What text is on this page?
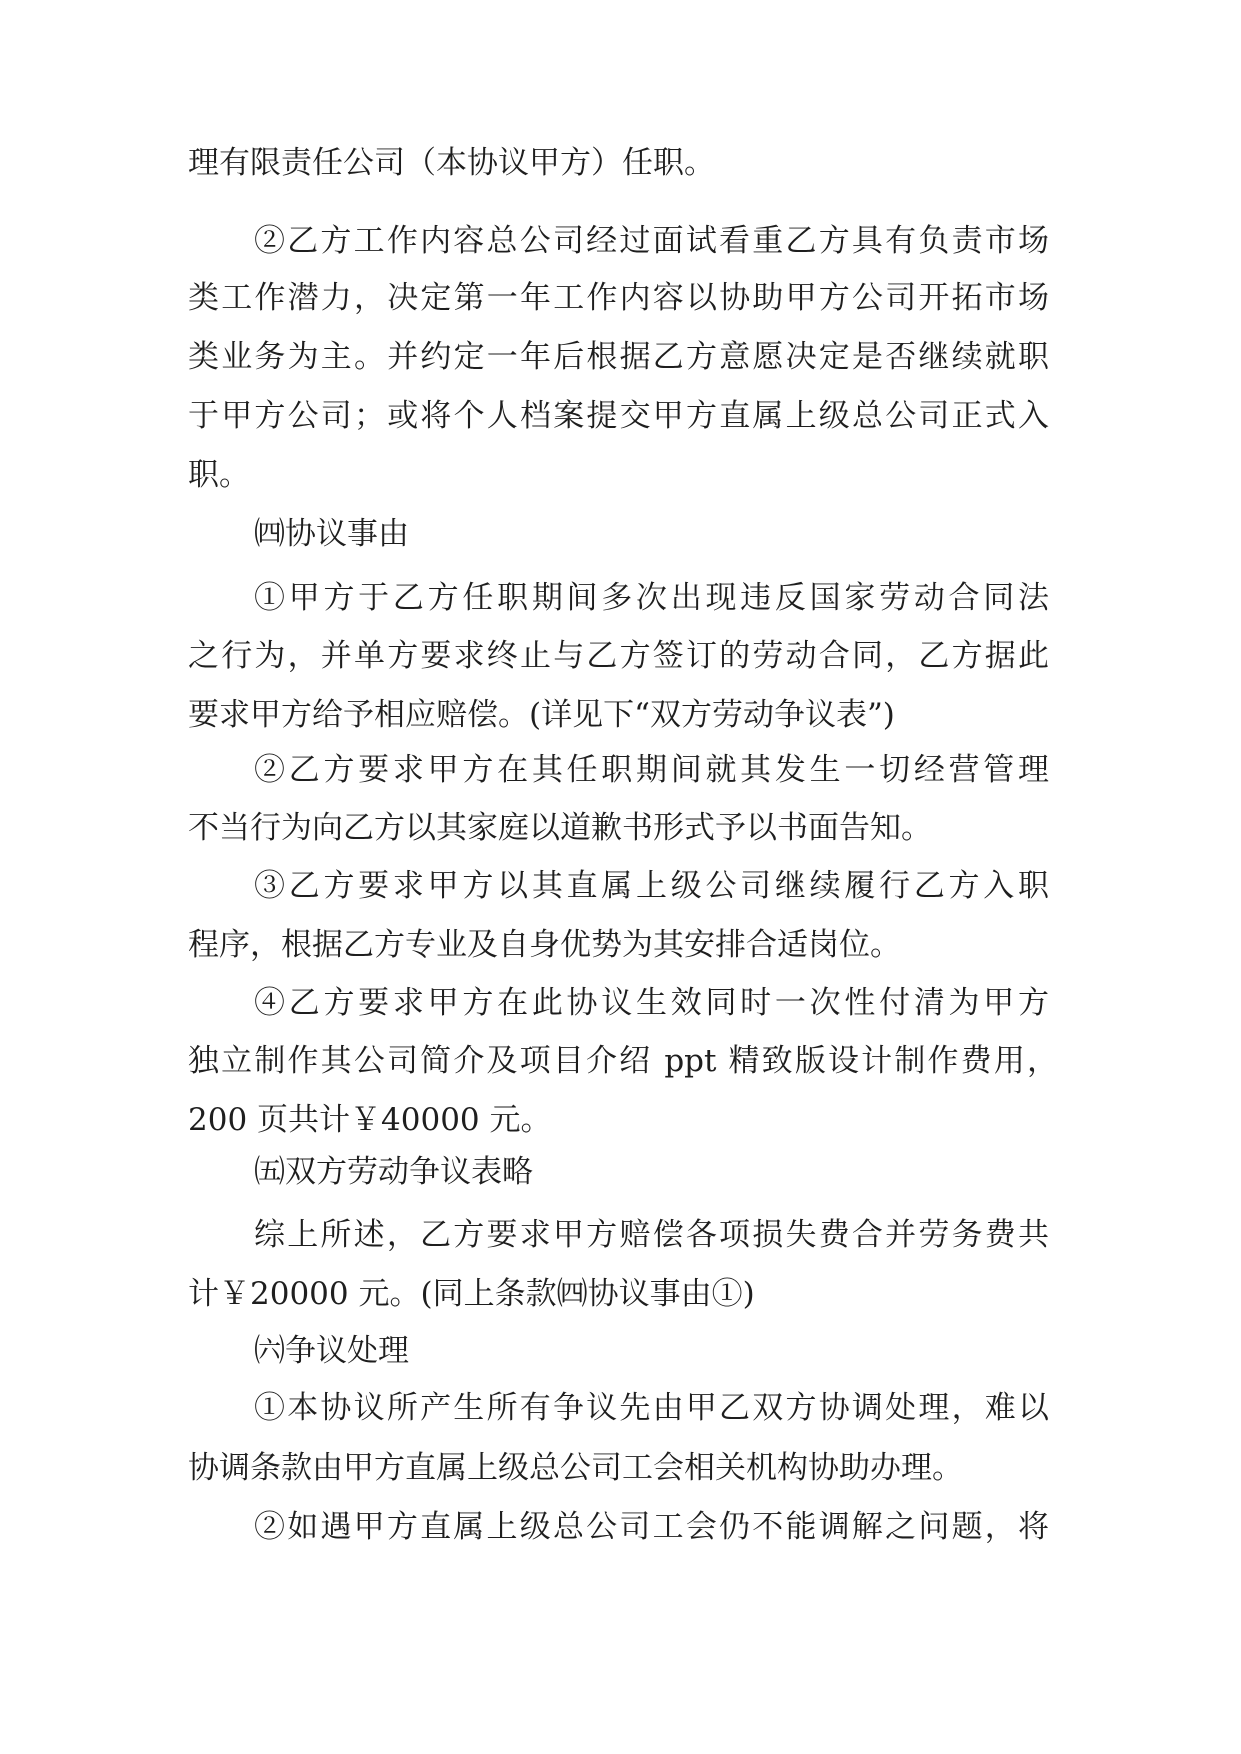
理有限责任公司（本协议甲方）任职。
②乙方工作内容总公司经过面试看重乙方具有负责市场
类工作潜力，决定第一年工作内容以协助甲方公司开拓市场
类业务为主。并约定一年后根据乙方意愿决定是否继续就职
于甲方公司；或将个人档案提交甲方直属上级总公司正式入
职。
㈣协议事由
①甲方于乙方任职期间多次出现违反国家劳动合同法
之行为，并单方要求终止与乙方签订的劳动合同，乙方据此
要求甲方给予相应赔偿。(详见下“双方劳动争议表”)
②乙方要求甲方在其任职期间就其发生一切经营管理
不当行为向乙方以其家庭以道歉书形式予以书面告知。
③乙方要求甲方以其直属上级公司继续履行乙方入职
程序，根据乙方专业及自身优势为其安排合适岗位。
④乙方要求甲方在此协议生效同时一次性付清为甲方
独立制作其公司简介及项目介绍 ppt 精致版设计制作费用，
200 页共计￥40000 元。
㈤双方劳动争议表略
综上所述，乙方要求甲方赔偿各项损失费合并劳务费共
计￥20000 元。(同上条款㈣协议事由①)
㈥争议处理
①本协议所产生所有争议先由甲乙双方协调处理，难以
协调条款由甲方直属上级总公司工会相关机构协助办理。
②如遇甲方直属上级总公司工会仍不能调解之问题，将
